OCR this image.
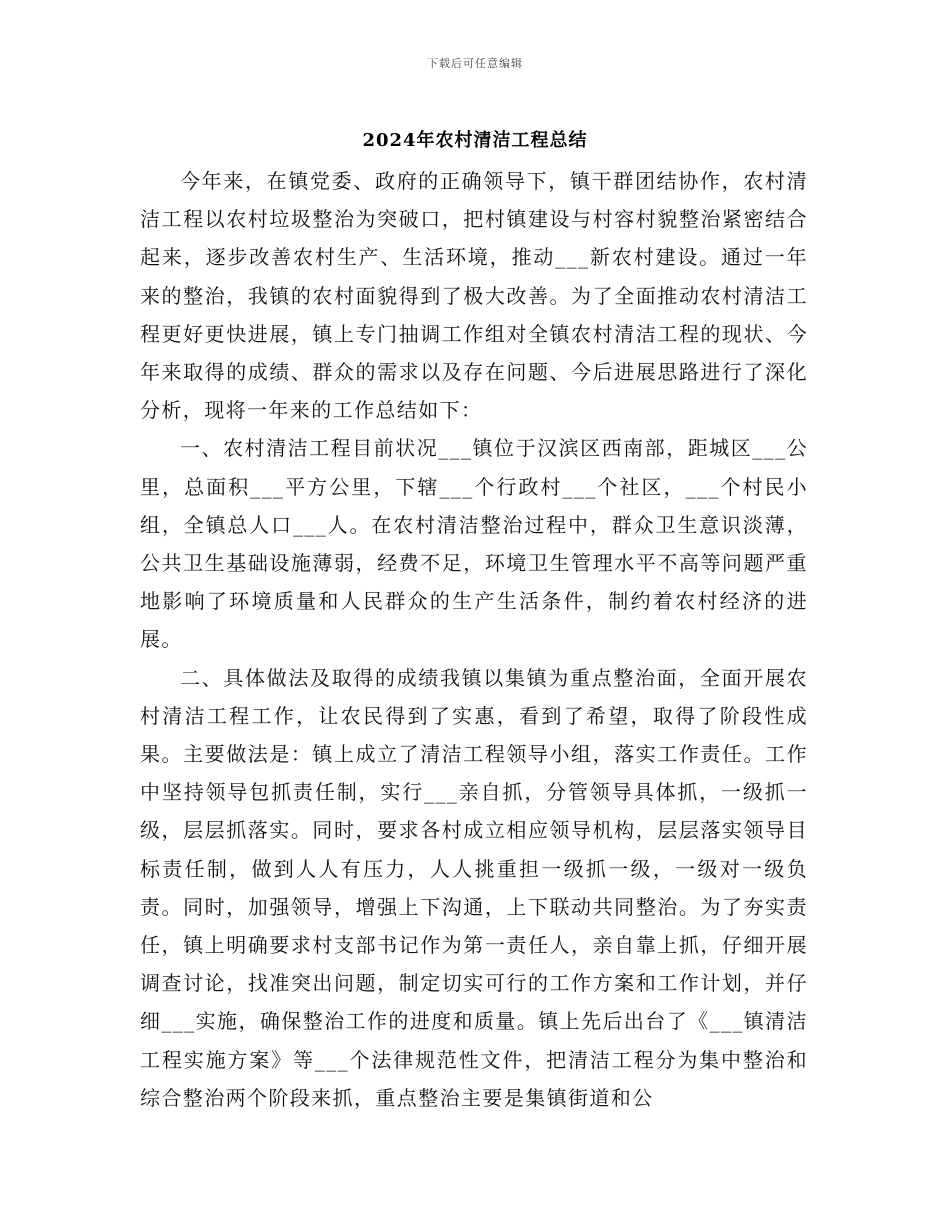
下载后可任意编辑
2024年农村清洁工程总结

今年来，在镇党委、政府的正确领导下，镇干群团结协作，农村清洁工程以农村垃圾整治为突破口，把村镇建设与村容村貌整治紧密结合起来，逐步改善农村生产、生活环境，推动___新农村建设。通过一年来的整治，我镇的农村面貌得到了极大改善。为了全面推动农村清洁工程更好更快进展，镇上专门抽调工作组对全镇农村清洁工程的现状、今年来取得的成绩、群众的需求以及存在问题、今后进展思路进行了深化分析，现将一年来的工作总结如下：

一、农村清洁工程目前状况___镇位于汉滨区西南部，距城区___公里，总面积___平方公里，下辖___个行政村___个社区，___个村民小组，全镇总人口___人。在农村清洁整治过程中，群众卫生意识淡薄，公共卫生基础设施薄弱，经费不足，环境卫生管理水平不高等问题严重地影响了环境质量和人民群众的生产生活条件，制约着农村经济的进展。

二、具体做法及取得的成绩我镇以集镇为重点整治面，全面开展农村清洁工程工作，让农民得到了实惠，看到了希望，取得了阶段性成果。主要做法是：镇上成立了清洁工程领导小组，落实工作责任。工作中坚持领导包抓责任制，实行___亲自抓，分管领导具体抓，一级抓一级，层层抓落实。同时，要求各村成立相应领导机构，层层落实领导目标责任制，做到人人有压力，人人挑重担一级抓一级，一级对一级负责。同时，加强领导，增强上下沟通，上下联动共同整治。为了夯实责任，镇上明确要求村支部书记作为第一责任人，亲自靠上抓，仔细开展调查讨论，找准突出问题，制定切实可行的工作方案和工作计划，并仔细___实施，确保整治工作的进度和质量。镇上先后出台了《___镇清洁工程实施方案》等___个法律规范性文件，把清洁工程分为集中整治和综合整治两个阶段来抓，重点整治主要是集镇街道和公
